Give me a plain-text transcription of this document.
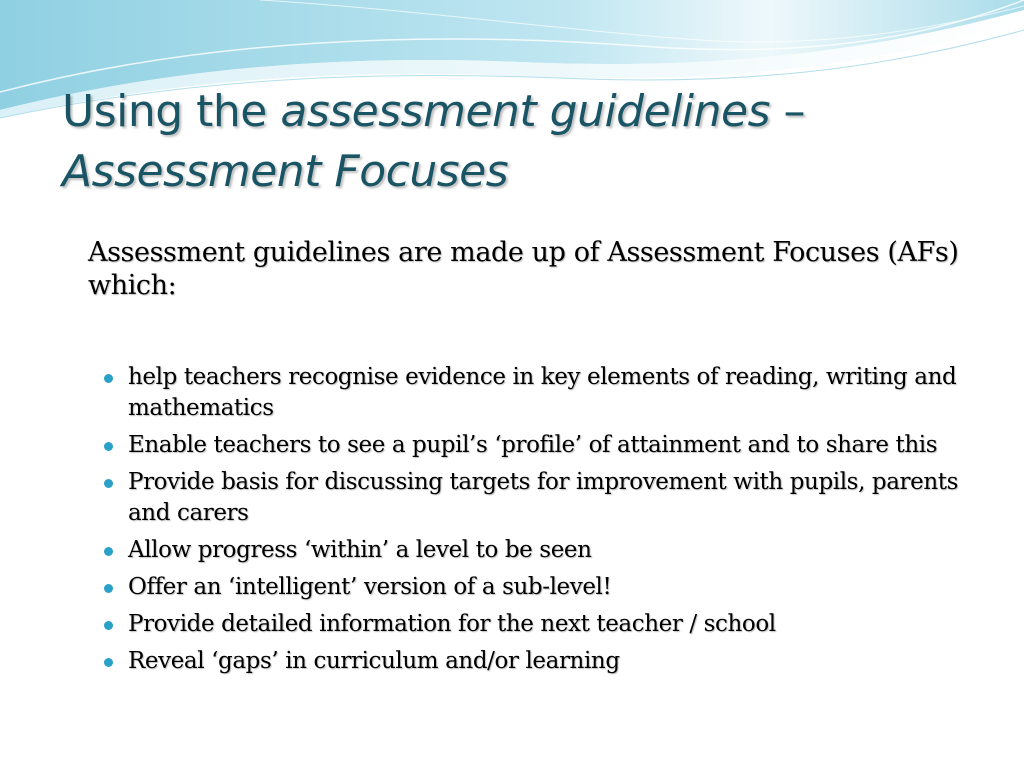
Using the assessment guidelines –
Assessment Focuses
Assessment guidelines are made up of Assessment Focuses (AFs) which:
help teachers recognise evidence in key elements of reading, writing and mathematics
Enable teachers to see a pupil’s ‘profile’ of attainment and to share this
Provide basis for discussing targets for improvement with pupils, parents and carers
Allow progress ‘within’ a level to be seen
Offer an ‘intelligent’ version of a sub-level!
Provide detailed information for the next teacher / school
Reveal ‘gaps’ in curriculum and/or learning
